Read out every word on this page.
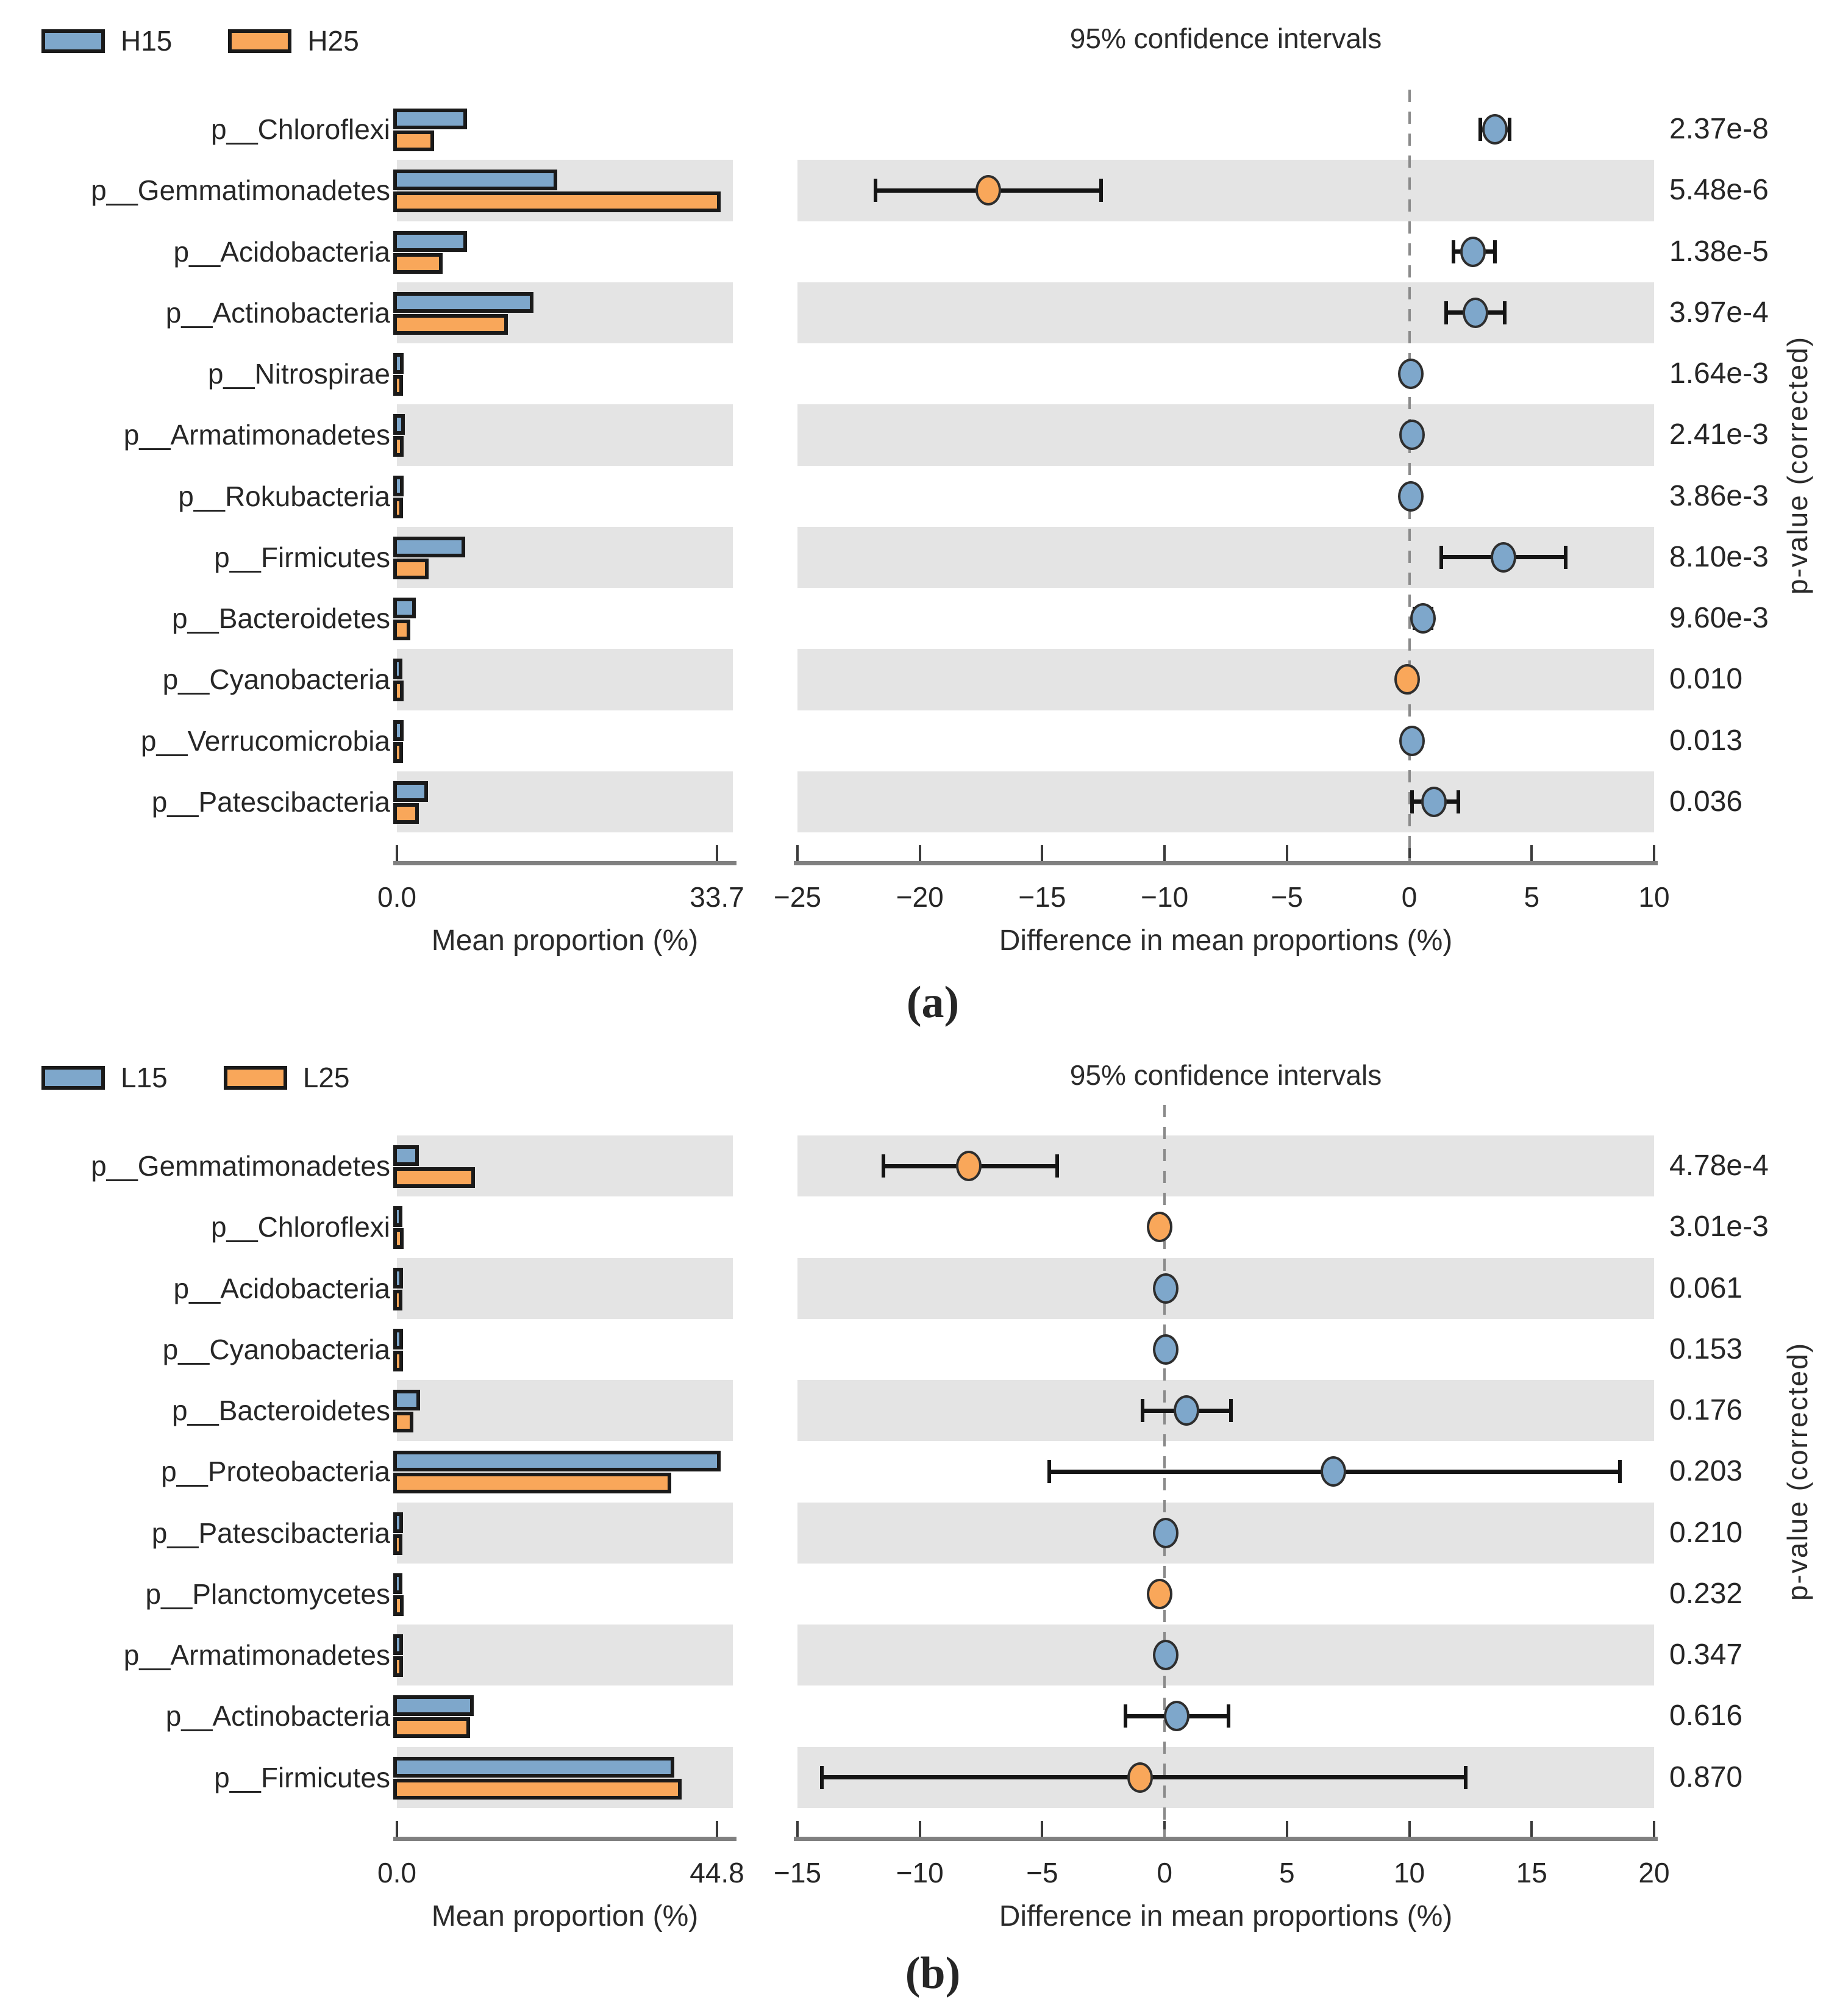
H15	H25	95% confidence intervals
p__Chloroflexi	2.37e-8
p__Gemmatimonadetes	5.48e-6
p__Acidobacteria	1.38e-5
p__Actinobacteria	3.97e-4
p__Nitrospirae	1.64e-3
p__Armatimonadetes	2.41e-3
p__Rokubacteria	3.86e-3
p__Firmicutes	8.10e-3
p__Bacteroidetes	9.60e-3
p__Cyanobacteria	0.010
p__Verrucomicrobia	0.013
p__Patescibacteria	0.036
0.0	33.7	−25	−20	−15	−10	−5	0	5	10
Mean proportion (%)	Difference in mean proportions (%)
p-value (corrected)
(a)
L15	L25	95% confidence intervals
p__Gemmatimonadetes	4.78e-4
p__Chloroflexi	3.01e-3
p__Acidobacteria	0.061
p__Cyanobacteria	0.153
p__Bacteroidetes	0.176
p__Proteobacteria	0.203
p__Patescibacteria	0.210
p__Planctomycetes	0.232
p__Armatimonadetes	0.347
p__Actinobacteria	0.616
p__Firmicutes	0.870
0.0	44.8	−15	−10	−5	0	5	10	15	20
Mean proportion (%)	Difference in mean proportions (%)
p-value (corrected)
(b)
